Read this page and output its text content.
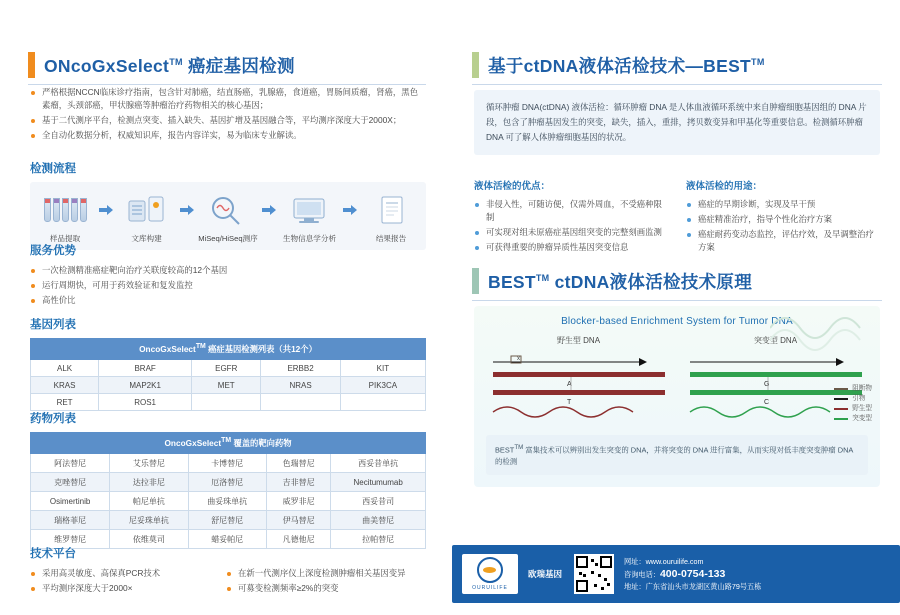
ONcoGxSelect™ 癌症基因检测
严格根据NCCN临床诊疗指南，包含针对肺癌，结直肠癌，乳腺癌，食道癌，胃肠间质瘤，肾癌，黑色素瘤，头颈部癌，甲状腺癌等肿瘤治疗药物相关的核心基因；
基于二代测序平台，检测点突变、插入缺失、基因扩增及基因融合等，平均测序深度大于2000X；
全自动化数据分析，权威知识库，报告内容详实，易为临床专业解读。
检测流程
样品提取	文库构建	MiSeq/HiSeq测序	生物信息学分析	结果报告
服务优势
一次检测精准癌症靶向治疗关联度较高的12个基因
运行周期快，可用于药效验证和复发监控
高性价比
基因列表
OncoGxSelect™ 癌症基因检测列表（共12个）				
ALK	BRAF	EGFR	ERBB2	KIT
KRAS	MAP2K1	MET	NRAS	PIK3CA
RET	ROS1			
药物列表
OncoGxSelect™ 覆盖的靶向药物				
阿法替尼	艾乐替尼	卡博替尼	色瑞替尼	西妥昔单抗
克唑替尼	达拉非尼	厄洛替尼	吉非替尼	Necitumumab
Osimertinib	帕尼单抗	曲妥珠单抗	威罗非尼	西妥昔司
瑞格菲尼	尼妥珠单抗	舒尼替尼	伊马替尼	曲美替尼
维罗替尼	依维莫司	蜡妥帕尼	凡德他尼	拉帕替尼
技术平台
采用高灵敏度、高保真PCR技术
平均测序深度大于2000×
在新一代测序仪上深度检测肿瘤相关基因变异
可募变检测频率≥2%的突变
基于ctDNA液体活检技术—BEST™
循环肿瘤 DNA(ctDNA) 液体活检：循环肿瘤 DNA 是人体血液循环系统中来自肿瘤细胞基因组的 DNA 片段，包含了肿瘤基因发生的突变，缺失，插入，重排，拷贝数变异和甲基化等重要信息。检测循环肿瘤 DNA 可了解人体肿瘤细胞基因的状况。
液体活检的优点：
非侵入性，可随访便，仅需外周血，不受癌种限制
可实现对组未原癌症基因组突变的完整刻画监测
可获得重要的肿瘤异质性基因突变信息
液体活检的用途：
癌症的早期诊断，实现及早干预
癌症精准治疗，指导个性化治疗方案
癌症耐药变动态监控，评估疗效，及早调整治疗方案
BEST™ ctDNA液体活检技术原理
Blocker-based Enrichment System for Tumor DNA
野生型 DNA
x
A
T
突变型 DNA
G
C
阻断物
引物
野生型
突变型
BEST™ 富集技术可以辨别出发生突变的 DNA，并将突变的 DNA 进行富集，从而实现对低丰度突变肿瘤 DNA 的检测
OURUILIFE
欧瑞基因
网址：www.ouruilife.com
咨询电话：400-0754-133
地址：广东省汕头市龙湖区黄山路79号五栋
